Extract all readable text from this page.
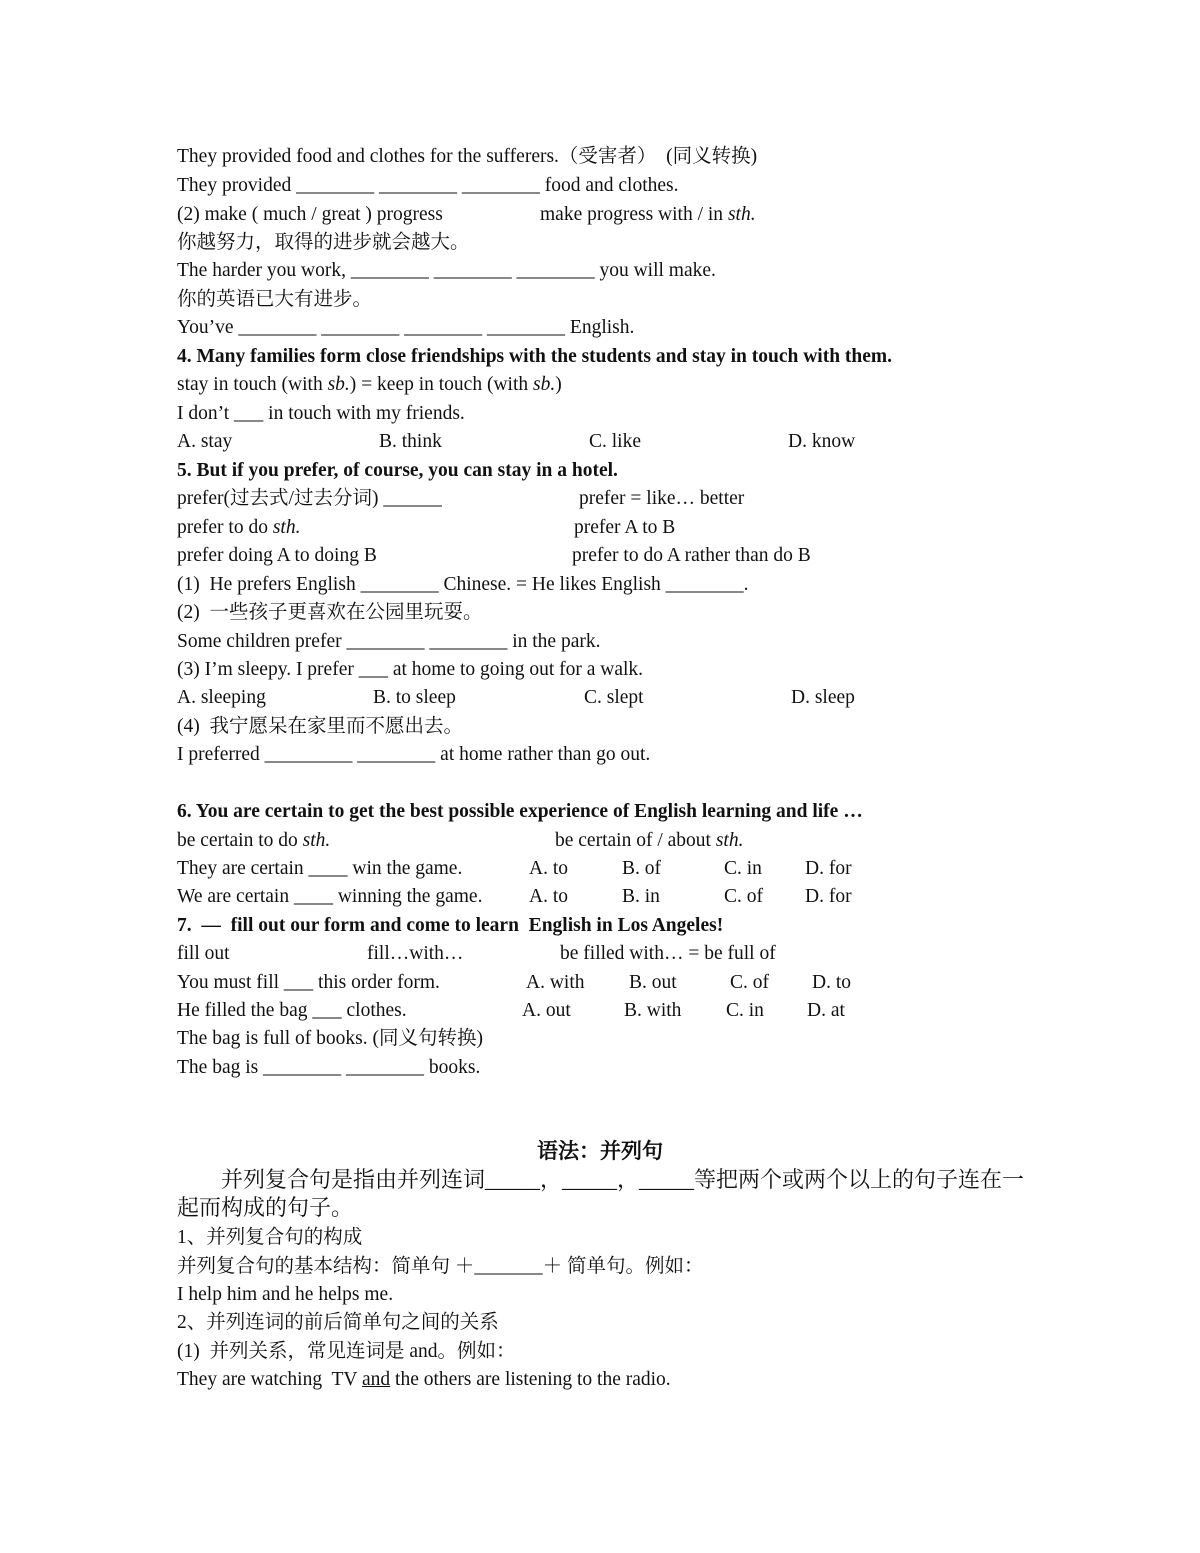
They provided food and clothes for the sufferers.（受害者）  (同义转换)

They provided ________ ________ ________ food and clothes.

(2) make ( much / great ) progress

	make progress with / in sth.

你越努力，取得的进步就会越大。

The harder you work, ________ ________ ________ you will make.

你的英语已大有进步。

You’ve ________ ________ ________ ________ English.

4. Many families form close friendships with the students and stay in touch with them.

stay in touch (with sb.) = keep in touch (with sb.)

I don’t ___ in touch with my friends.

A. stay

	B. think

	C. like

	D. know

5. But if you prefer, of course, you can stay in a hotel.

prefer(过去式/过去分词) ______

	prefer = like… better

prefer to do sth.

	prefer A to B

prefer doing A to doing B

	prefer to do A rather than do B

(1)  He prefers English ________ Chinese. = He likes English ________.

(2)  一些孩子更喜欢在公园里玩耍。

Some children prefer ________ ________ in the park.

(3) I’m sleepy. I prefer ___ at home to going out for a walk.

A. sleeping

	B. to sleep

	C. slept

	D. sleep

(4)  我宁愿呆在家里而不愿出去。

I preferred _________ ________ at home rather than go out.

6. You are certain to get the best possible experience of English learning and life …

be certain to do sth.

	be certain of / about sth.

They are certain ____ win the game.

	A. to

	B. of

	C. in

D. for

We are certain ____ winning the game.

A. to

	B. in

	C. of

D. for

7.  —  fill out our form and come to learn  English in Los Angeles!

fill out

	fill…with…

	be filled with… = be full of

You must fill ___ this order form.

	A. with

B. out

	C. of

D. to

He filled the bag ___ clothes.

	A. out

	B. with

C. in

D. at

The bag is full of books. (同义句转换)

The bag is ________ ________ books.

语法：并列句
并列复合句是指由并列连词_____，_____，_____等把两个或两个以上的句子连在一起而构成的句子。

1、并列复合句的构成

并列复合句的基本结构：简单句 ＋_______＋ 简单句。例如：

I help him and he helps me.

2、并列连词的前后简单句之间的关系

(1)  并列关系，常见连词是 and。例如：

They are watching  TV and the others are listening to the radio.
